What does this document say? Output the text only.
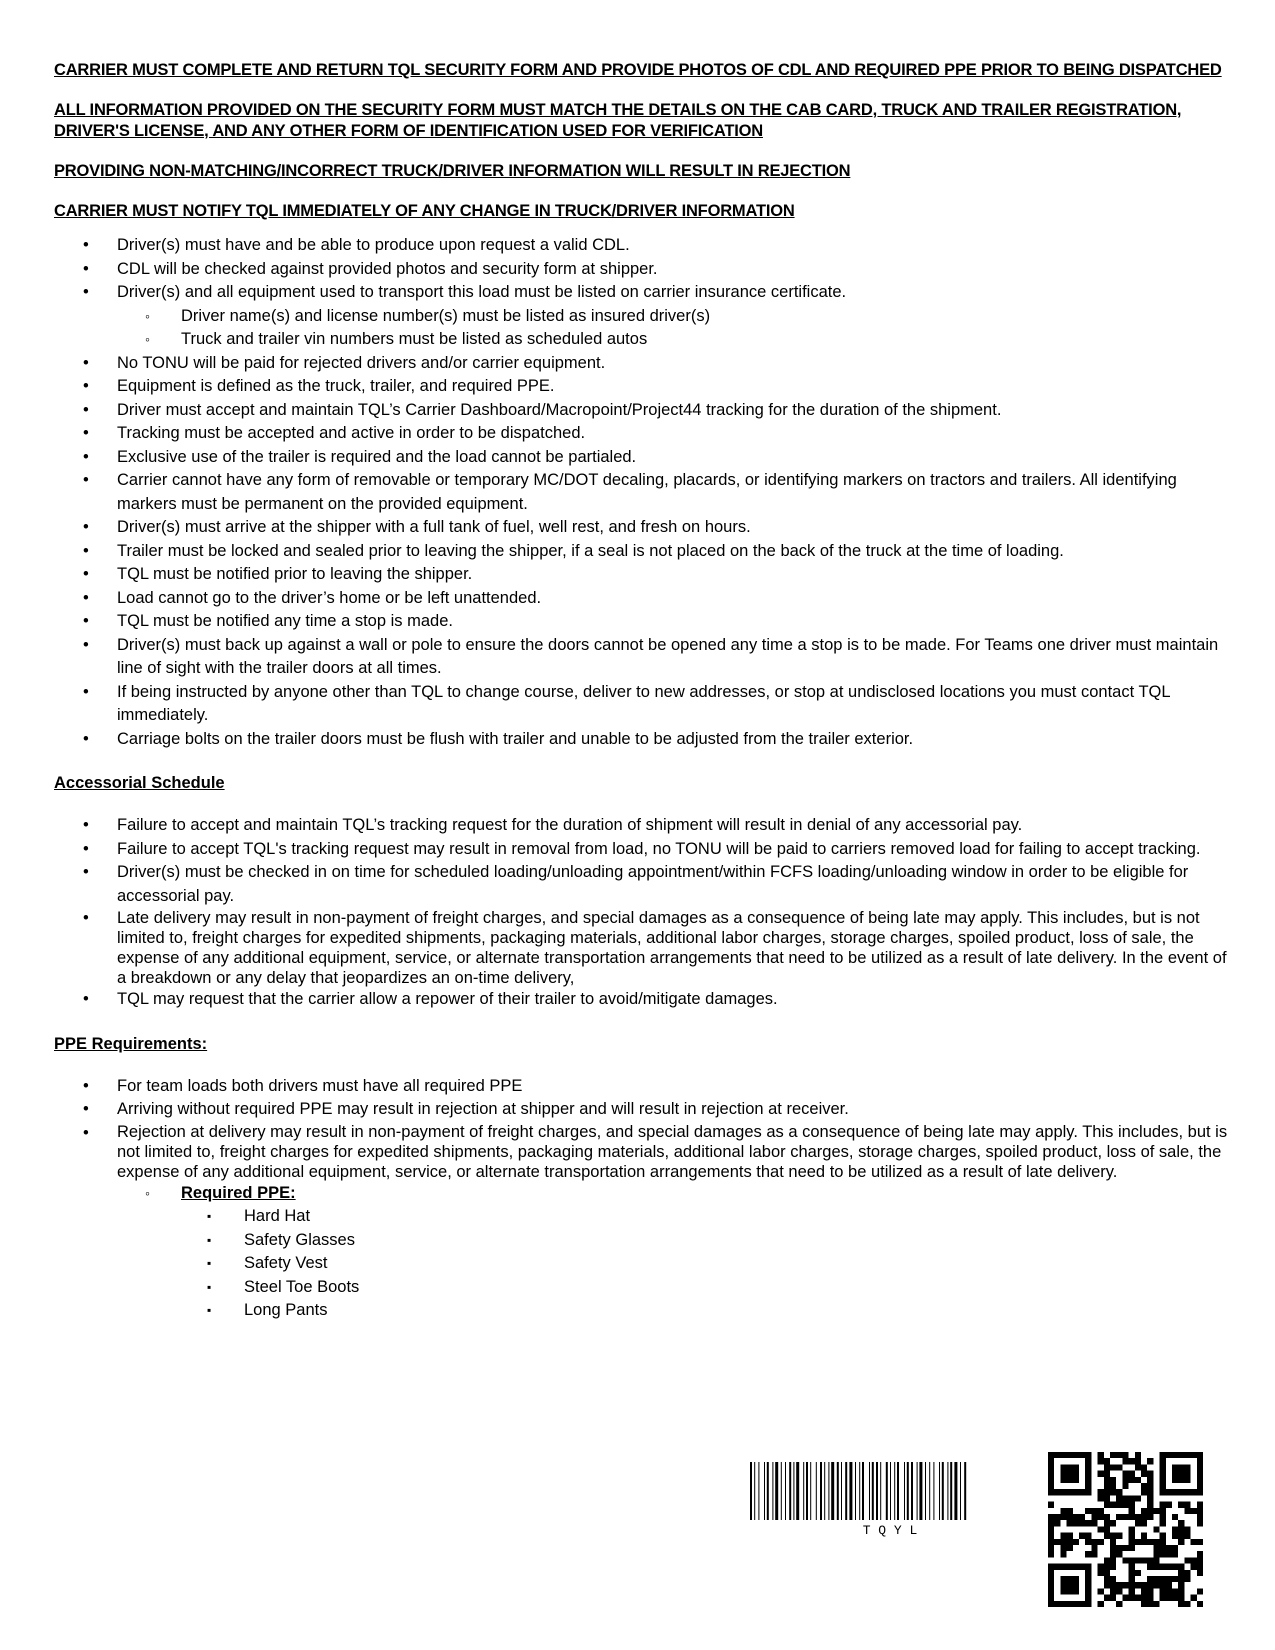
CARRIER MUST COMPLETE AND RETURN TQL SECURITY FORM AND PROVIDE PHOTOS OF CDL AND REQUIRED PPE PRIOR TO BEING DISPATCHED
ALL INFORMATION PROVIDED ON THE SECURITY FORM MUST MATCH THE DETAILS ON THE CAB CARD, TRUCK AND TRAILER REGISTRATION, DRIVER'S LICENSE, AND ANY OTHER FORM OF IDENTIFICATION USED FOR VERIFICATION
PROVIDING NON-MATCHING/INCORRECT TRUCK/DRIVER INFORMATION WILL RESULT IN REJECTION
CARRIER MUST NOTIFY TQL IMMEDIATELY OF ANY CHANGE IN TRUCK/DRIVER INFORMATION
• Driver(s) must have and be able to produce upon request a valid CDL.
• CDL will be checked against provided photos and security form at shipper.
• Driver(s) and all equipment used to transport this load must be listed on carrier insurance certificate.
◦ Driver name(s) and license number(s) must be listed as insured driver(s)
◦ Truck and trailer vin numbers must be listed as scheduled autos
• No TONU will be paid for rejected drivers and/or carrier equipment.
• Equipment is defined as the truck, trailer, and required PPE.
• Driver must accept and maintain TQL’s Carrier Dashboard/Macropoint/Project44 tracking for the duration of the shipment.
• Tracking must be accepted and active in order to be dispatched.
• Exclusive use of the trailer is required and the load cannot be partialed.
• Carrier cannot have any form of removable or temporary MC/DOT decaling, placards, or identifying markers on tractors and trailers. All identifying markers must be permanent on the provided equipment.
• Driver(s) must arrive at the shipper with a full tank of fuel, well rest, and fresh on hours.
• Trailer must be locked and sealed prior to leaving the shipper, if a seal is not placed on the back of the truck at the time of loading.
• TQL must be notified prior to leaving the shipper.
• Load cannot go to the driver’s home or be left unattended.
• TQL must be notified any time a stop is made.
• Driver(s) must back up against a wall or pole to ensure the doors cannot be opened any time a stop is to be made. For Teams one driver must maintain line of sight with the trailer doors at all times.
• If being instructed by anyone other than TQL to change course, deliver to new addresses, or stop at undisclosed locations you must contact TQL immediately.
• Carriage bolts on the trailer doors must be flush with trailer and unable to be adjusted from the trailer exterior.
Accessorial Schedule
• Failure to accept and maintain TQL’s tracking request for the duration of shipment will result in denial of any accessorial pay.
• Failure to accept TQL's tracking request may result in removal from load, no TONU will be paid to carriers removed load for failing to accept tracking.
• Driver(s) must be checked in on time for scheduled loading/unloading appointment/within FCFS loading/unloading window in order to be eligible for accessorial pay.
• Late delivery may result in non-payment of freight charges, and special damages as a consequence of being late may apply. This includes, but is not limited to, freight charges for expedited shipments, packaging materials, additional labor charges, storage charges, spoiled product, loss of sale, the expense of any additional equipment, service, or alternate transportation arrangements that need to be utilized as a result of late delivery. In the event of a breakdown or any delay that jeopardizes an on-time delivery,
• TQL may request that the carrier allow a repower of their trailer to avoid/mitigate damages.
PPE Requirements:
• For team loads both drivers must have all required PPE
• Arriving without required PPE may result in rejection at shipper and will result in rejection at receiver.
• Rejection at delivery may result in non-payment of freight charges, and special damages as a consequence of being late may apply. This includes, but is not limited to, freight charges for expedited shipments, packaging materials, additional labor charges, storage charges, spoiled product, loss of sale, the expense of any additional equipment, service, or alternate transportation arrangements that need to be utilized as a result of late delivery.
◦ Required PPE:
▪ Hard Hat
▪ Safety Glasses
▪ Safety Vest
▪ Steel Toe Boots
▪ Long Pants
T Q Y L
